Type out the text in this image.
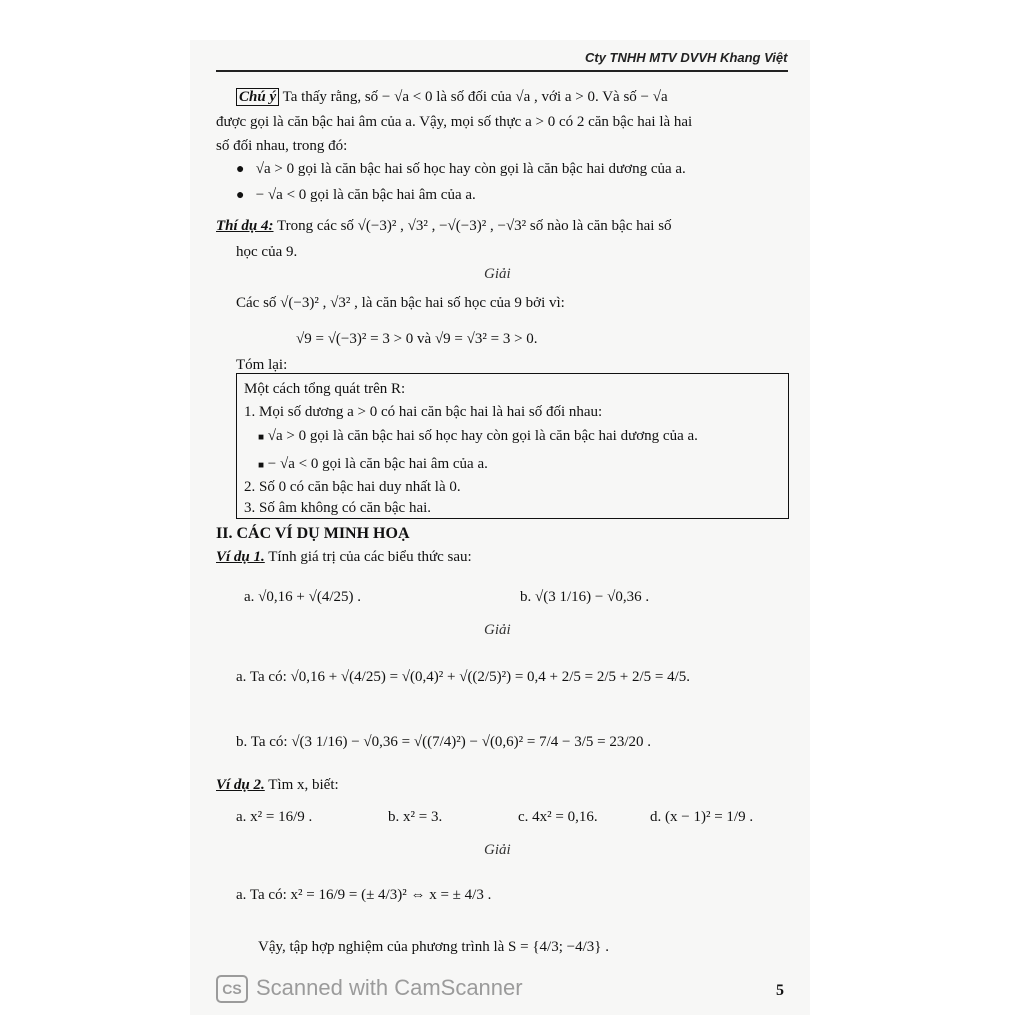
Cty TNHH MTV DVVH Khang Việt
Chú ý Ta thấy rằng, số − √a < 0 là số đối của √a , với a > 0. Và số − √a
được gọi là căn bậc hai âm của a. Vậy, mọi số thực a > 0 có 2 căn bậc hai là hai
số đối nhau, trong đó:
● √a > 0 gọi là căn bậc hai số học hay còn gọi là căn bậc hai dương của a.
● − √a < 0 gọi là căn bậc hai âm của a.
Thí dụ 4: Trong các số √(−3)² , √3² , −√(−3)² , −√3² số nào là căn bậc hai số
học của 9.
Giải
Các số √(−3)² , √3² , là căn bậc hai số học của 9 bởi vì:
√9 = √(−3)² = 3 > 0 và √9 = √3² = 3 > 0.
Tóm lại:
Một cách tổng quát trên R:
1. Mọi số dương a > 0 có hai căn bậc hai là hai số đối nhau:
■ √a > 0 gọi là căn bậc hai số học hay còn gọi là căn bậc hai dương của a.
■ − √a < 0 gọi là căn bậc hai âm của a.
2. Số 0 có căn bậc hai duy nhất là 0.
3. Số âm không có căn bậc hai.
II. CÁC VÍ DỤ MINH HOẠ
Ví dụ 1. Tính giá trị của các biểu thức sau:
a. √0,16 + √(4/25) .	b. √(3 1/16) − √0,36 .
Giải
a. Ta có: √0,16 + √(4/25) = √(0,4)² + √((2/5)²) = 0,4 + 2/5 = 2/5 + 2/5 = 4/5.
b. Ta có: √(3 1/16) − √0,36 = √((7/4)²) − √(0,6)² = 7/4 − 3/5 = 23/20 .
Ví dụ 2. Tìm x, biết:
a. x² = 16/9 .	b. x² = 3.	c. 4x² = 0,16.	d. (x − 1)² = 1/9 .
Giải
a. Ta có: x² = 16/9 = (± 4/3)² ⇔ x = ± 4/3 .
Vậy, tập hợp nghiệm của phương trình là S = {4/3; −4/3} .
CS Scanned with CamScanner	5
